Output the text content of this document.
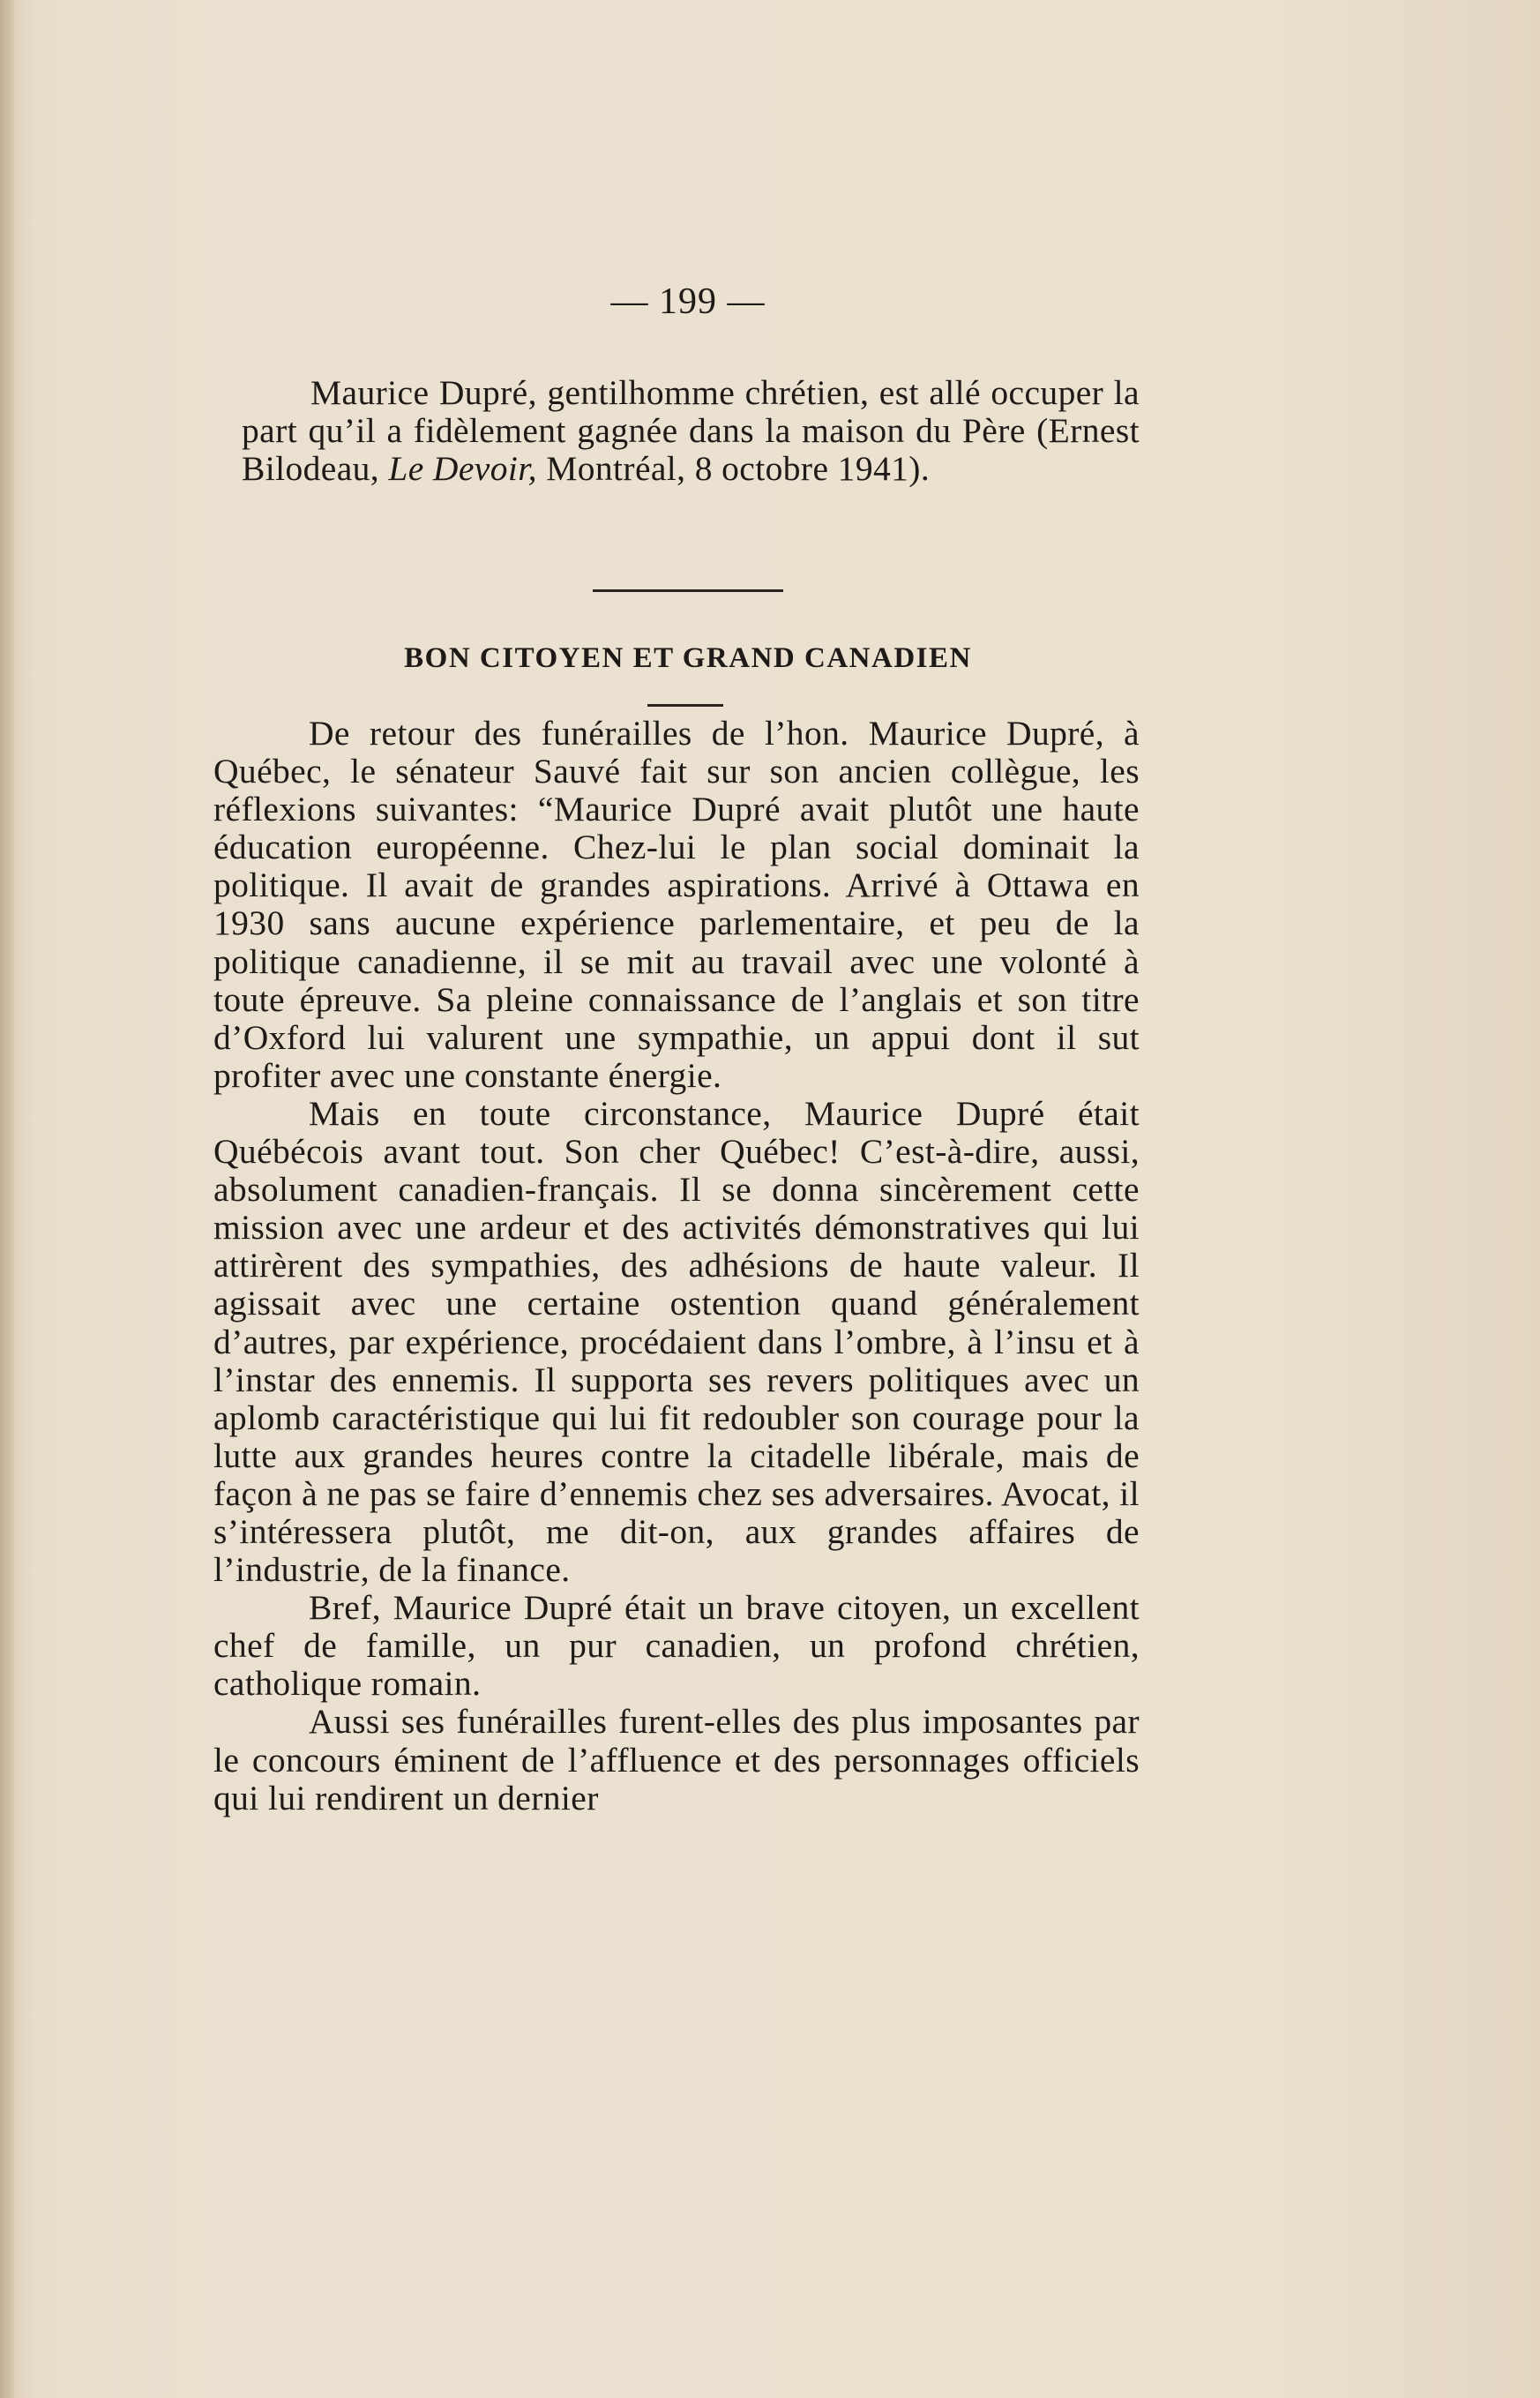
— 199 —

Maurice Dupré, gentilhomme chrétien, est allé occuper la part qu’il a fidèlement gagnée dans la maison du Père (Ernest Bilodeau, Le Devoir, Montréal, 8 octobre 1941).

BON CITOYEN ET GRAND CANADIEN

De retour des funérailles de l’hon. Maurice Dupré, à Québec, le sénateur Sauvé fait sur son ancien collègue, les réflexions suivantes: “Maurice Dupré avait plutôt une haute éducation européenne. Chez-lui le plan social dominait la politique. Il avait de grandes aspirations. Arrivé à Ottawa en 1930 sans aucune expérience parlementaire, et peu de la politique canadienne, il se mit au travail avec une volonté à toute épreuve. Sa pleine connaissance de l’anglais et son titre d’Oxford lui valurent une sympathie, un appui dont il sut profiter avec une constante énergie.

Mais en toute circonstance, Maurice Dupré était Québécois avant tout. Son cher Québec! C’est-à-dire, aussi, absolument canadien-français. Il se donna sincèrement cette mission avec une ardeur et des activités démonstratives qui lui attirèrent des sympathies, des adhésions de haute valeur. Il agissait avec une certaine ostention quand généralement d’autres, par expérience, procédaient dans l’ombre, à l’insu et à l’instar des ennemis. Il supporta ses revers politiques avec un aplomb caractéristique qui lui fit redoubler son courage pour la lutte aux grandes heures contre la citadelle libérale, mais de façon à ne pas se faire d’ennemis chez ses adversaires. Avocat, il s’intéressera plutôt, me dit-on, aux grandes affaires de l’industrie, de la finance.

Bref, Maurice Dupré était un brave citoyen, un excellent chef de famille, un pur canadien, un profond chrétien, catholique romain.

Aussi ses funérailles furent-elles des plus imposantes par le concours éminent de l’affluence et des personnages officiels qui lui rendirent un dernier
